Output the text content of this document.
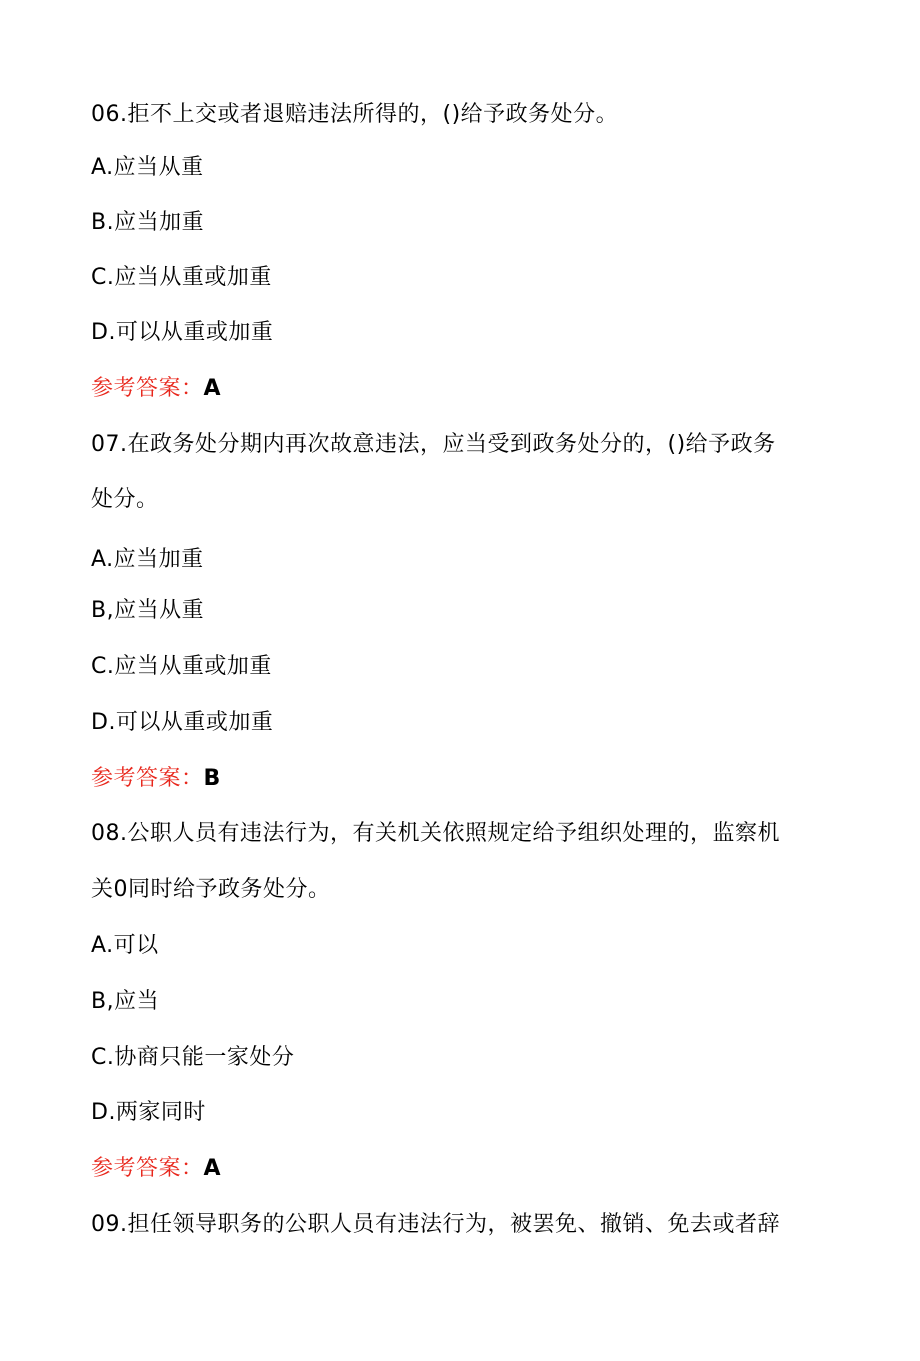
06.拒不上交或者退赔违法所得的，()给予政务处分。
A.应当从重
B.应当加重
C.应当从重或加重
D.可以从重或加重
参考答案：A
07.在政务处分期内再次故意违法，应当受到政务处分的，()给予政务
处分。
A.应当加重
B,应当从重
C.应当从重或加重
D.可以从重或加重
参考答案：B
08.公职人员有违法行为，有关机关依照规定给予组织处理的，监察机
关0同时给予政务处分。
A.可以
B,应当
C.协商只能一家处分
D.两家同时
参考答案：A
09.担任领导职务的公职人员有违法行为，被罢免、撤销、免去或者辞
